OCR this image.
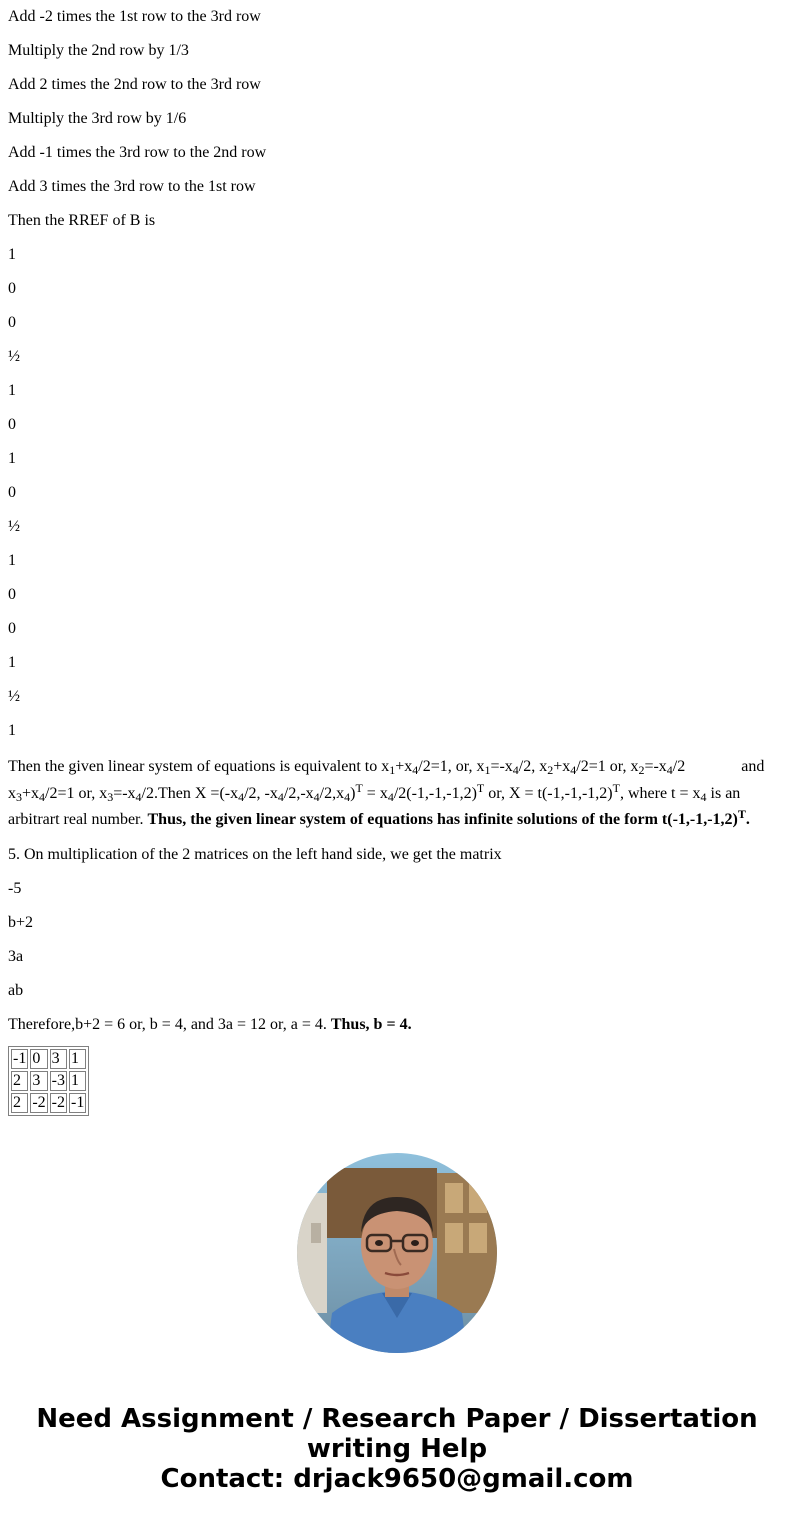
Add -2 times the 1st row to the 3rd row

Multiply the 2nd row by 1/3

Add 2 times the 2nd row to the 3rd row

Multiply the 3rd row by 1/6

Add -1 times the 3rd row to the 2nd row

Add 3 times the 3rd row to the 1st row

Then the RREF of B is

1

0

0

½

1

0

1

0

½

1

0

0

1

½

1

Then the given linear system of equations is equivalent to $x_1+x_4/2=1$, or, $x_1=-x_4/2$, $x_2+x_4/2=1$ or, $x_2=-x_4/2$	and $x_3+x_4/2=1$ or, $x_3=-x_4/2.Then$ $X =(-x_4/2$, $-x_4/2,-x_4/2,x_4)^T = x_4/2(-1,-1,-1,2)^T$ or, $X = t(-1,-1,-1,2)^T$, where $t = x_4$ is an arbitrart real number. Thus, the given linear system of equations has infinite solutions of the form $t(-1,-1,-1,2)^T$.

5. On multiplication of the 2 matrices on the left hand side, we get the matrix

-5

b+2

3a

ab

Therefore,b+2 = 6 or, b = 4, and 3a = 12 or, a = 4. Thus, b = 4.

-1	0	3	1
2	3	-3	1
2	-2	-2	-1
Need Assignment / Research Paper / Dissertation
writing Help
Contact: drjack9650@gmail.com
